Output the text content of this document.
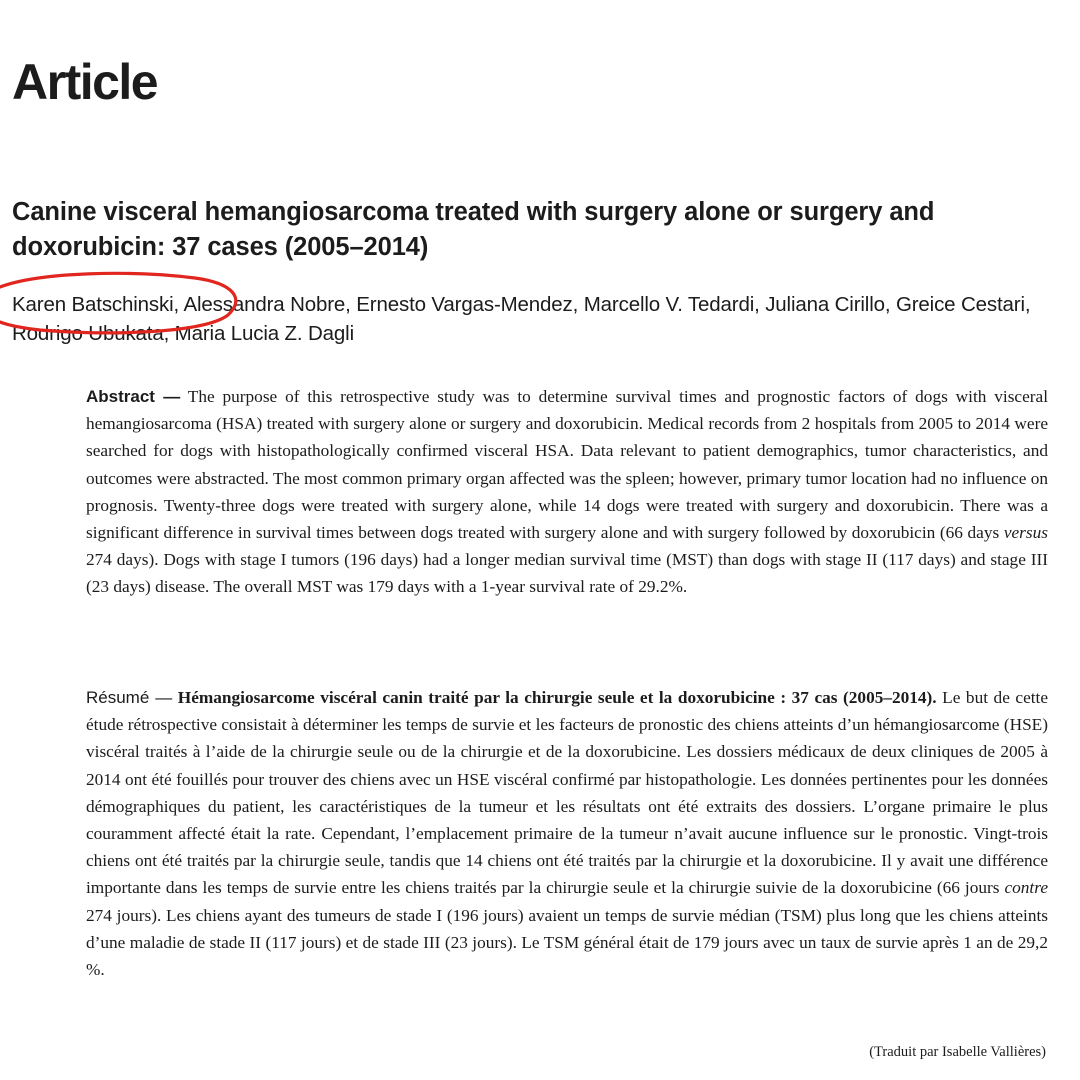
Article
Canine visceral hemangiosarcoma treated with surgery alone or surgery and doxorubicin: 37 cases (2005–2014)

Karen Batschinski, Alessandra Nobre, Ernesto Vargas-Mendez, Marcello V. Tedardi, Juliana Cirillo, Greice Cestari, Rodrigo Ubukata, Maria Lucia Z. Dagli

Abstract — The purpose of this retrospective study was to determine survival times and prognostic factors of dogs with visceral hemangiosarcoma (HSA) treated with surgery alone or surgery and doxorubicin. Medical records from 2 hospitals from 2005 to 2014 were searched for dogs with histopathologically confirmed visceral HSA. Data relevant to patient demographics, tumor characteristics, and outcomes were abstracted. The most common primary organ affected was the spleen; however, primary tumor location had no influence on prognosis. Twenty-three dogs were treated with surgery alone, while 14 dogs were treated with surgery and doxorubicin. There was a significant difference in survival times between dogs treated with surgery alone and with surgery followed by doxorubicin (66 days versus 274 days). Dogs with stage I tumors (196 days) had a longer median survival time (MST) than dogs with stage II (117 days) and stage III (23 days) disease. The overall MST was 179 days with a 1-year survival rate of 29.2%.

Résumé — Hémangiosarcome viscéral canin traité par la chirurgie seule et la doxorubicine : 37 cas (2005–2014). Le but de cette étude rétrospective consistait à déterminer les temps de survie et les facteurs de pronostic des chiens atteints d’un hémangiosarcome (HSE) viscéral traités à l’aide de la chirurgie seule ou de la chirurgie et de la doxorubicine. Les dossiers médicaux de deux cliniques de 2005 à 2014 ont été fouillés pour trouver des chiens avec un HSE viscéral confirmé par histopathologie. Les données pertinentes pour les données démographiques du patient, les caractéristiques de la tumeur et les résultats ont été extraits des dossiers. L’organe primaire le plus couramment affecté était la rate. Cependant, l’emplacement primaire de la tumeur n’avait aucune influence sur le pronostic. Vingt-trois chiens ont été traités par la chirurgie seule, tandis que 14 chiens ont été traités par la chirurgie et la doxorubicine. Il y avait une différence importante dans les temps de survie entre les chiens traités par la chirurgie seule et la chirurgie suivie de la doxorubicine (66 jours contre 274 jours). Les chiens ayant des tumeurs de stade I (196 jours) avaient un temps de survie médian (TSM) plus long que les chiens atteints d’une maladie de stade II (117 jours) et de stade III (23 jours). Le TSM général était de 179 jours avec un taux de survie après 1 an de 29,2 %.

(Traduit par Isabelle Vallières)
